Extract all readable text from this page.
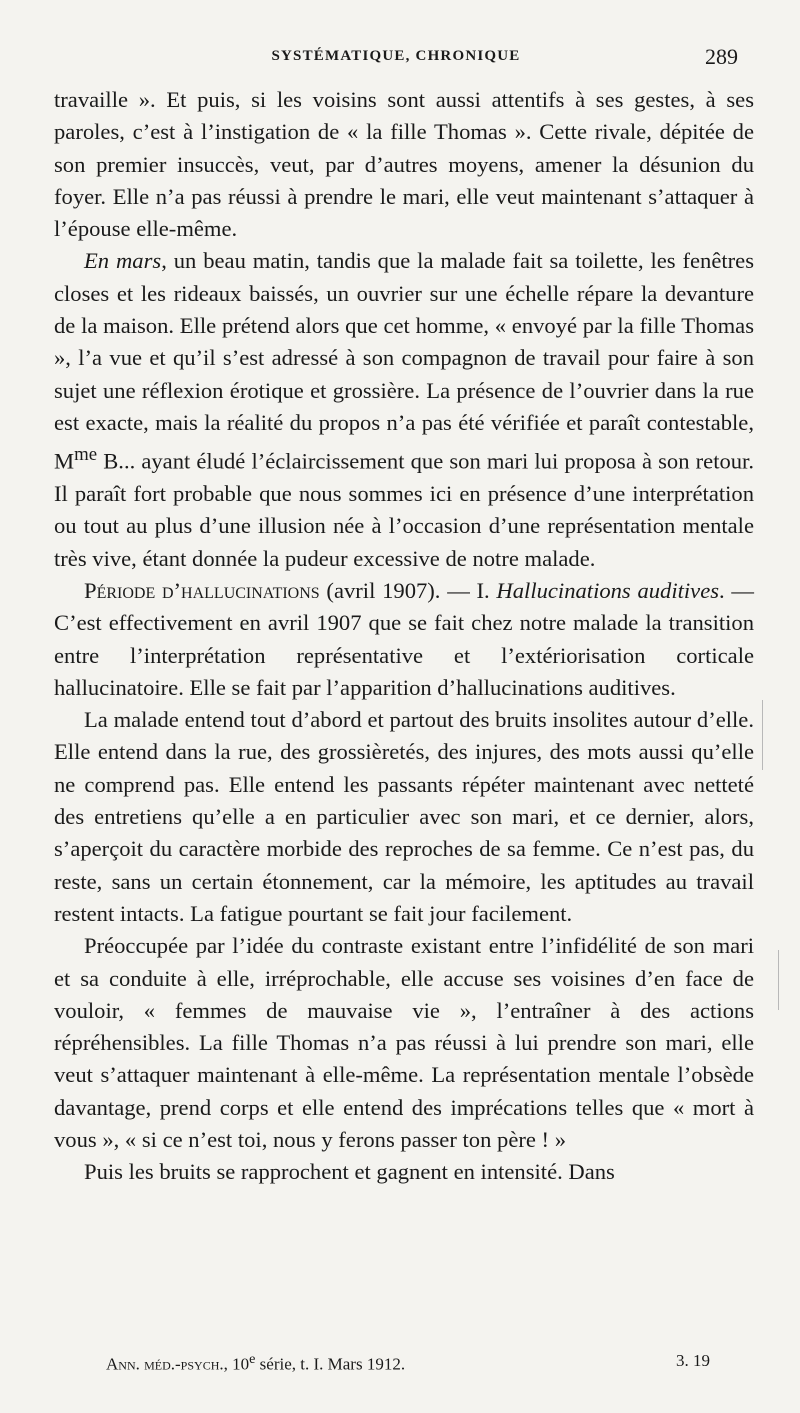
SYSTÉMATIQUE, CHRONIQUE	289

travaille ». Et puis, si les voisins sont aussi attentifs à ses gestes, à ses paroles, c’est à l’instigation de « la fille Thomas ». Cette rivale, dépitée de son premier insuccès, veut, par d’autres moyens, amener la désunion du foyer. Elle n’a pas réussi à prendre le mari, elle veut maintenant s’attaquer à l’épouse elle-même.

En mars, un beau matin, tandis que la malade fait sa toilette, les fenêtres closes et les rideaux baissés, un ouvrier sur une échelle répare la devanture de la maison. Elle prétend alors que cet homme, « envoyé par la fille Thomas », l’a vue et qu’il s’est adressé à son compagnon de travail pour faire à son sujet une réflexion érotique et grossière. La présence de l’ouvrier dans la rue est exacte, mais la réalité du propos n’a pas été vérifiée et paraît contestable, $M^{me}$ B... ayant éludé l’éclaircissement que son mari lui proposa à son retour. Il paraît fort probable que nous sommes ici en présence d’une interprétation ou tout au plus d’une illusion née à l’occasion d’une représentation mentale très vive, étant donnée la pudeur excessive de notre malade.

Période d’hallucinations (avril 1907). — I. Hallucinations auditives. — C’est effectivement en avril 1907 que se fait chez notre malade la transition entre l’interprétation représentative et l’extériorisation corticale hallucinatoire. Elle se fait par l’apparition d’hallucinations auditives.

La malade entend tout d’abord et partout des bruits insolites autour d’elle. Elle entend dans la rue, des grossièretés, des injures, des mots aussi qu’elle ne comprend pas. Elle entend les passants répéter maintenant avec netteté des entretiens qu’elle a en particulier avec son mari, et ce dernier, alors, s’aperçoit du caractère morbide des reproches de sa femme. Ce n’est pas, du reste, sans un certain étonnement, car la mémoire, les aptitudes au travail restent intacts. La fatigue pourtant se fait jour facilement.

Préoccupée par l’idée du contraste existant entre l’infidélité de son mari et sa conduite à elle, irréprochable, elle accuse ses voisines d’en face de vouloir, « femmes de mauvaise vie », l’entraîner à des actions répréhensibles. La fille Thomas n’a pas réussi à lui prendre son mari, elle veut s’attaquer maintenant à elle-même. La représentation mentale l’obsède davantage, prend corps et elle entend des imprécations telles que « mort à vous », « si ce n’est toi, nous y ferons passer ton père ! »

Puis les bruits se rapprochent et gagnent en intensité. Dans

Ann. méd.-psych., 10e série, t. I. Mars 1912.	3. 19
